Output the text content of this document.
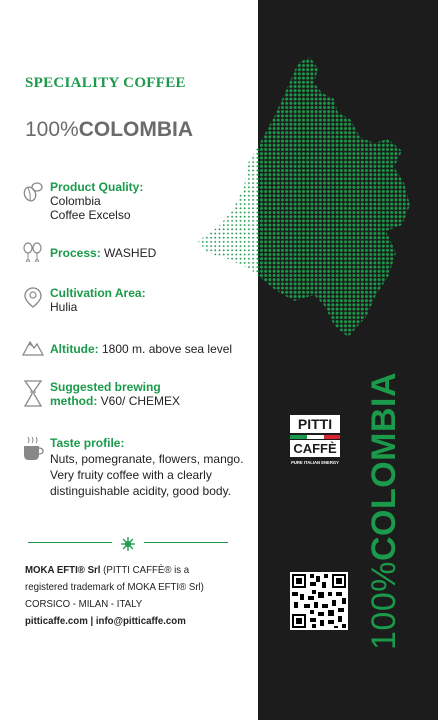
SPECIALITY COFFEE
100%COLOMBIA
Product Quality:
Colombia
Coffee Excelso
Process: WASHED
Cultivation Area:
Hulia
Altitude: 1800 m. above sea level
Suggested brewing
method: V60/ CHEMEX
Taste profile:
Nuts, pomegranate, flowers, mango. Very fruity coffee with a clearly distinguishable acidity, good body.
MOKA EFTI® Srl (PITTI CAFFÈ® is a registered trademark of MOKA EFTI® Srl)
CORSICO - MILAN - ITALY
pitticaffe.com | info@pitticaffe.com
PITTI
CAFFÈ
PURE ITALIAN ENERGY
100%COLOMBIA
